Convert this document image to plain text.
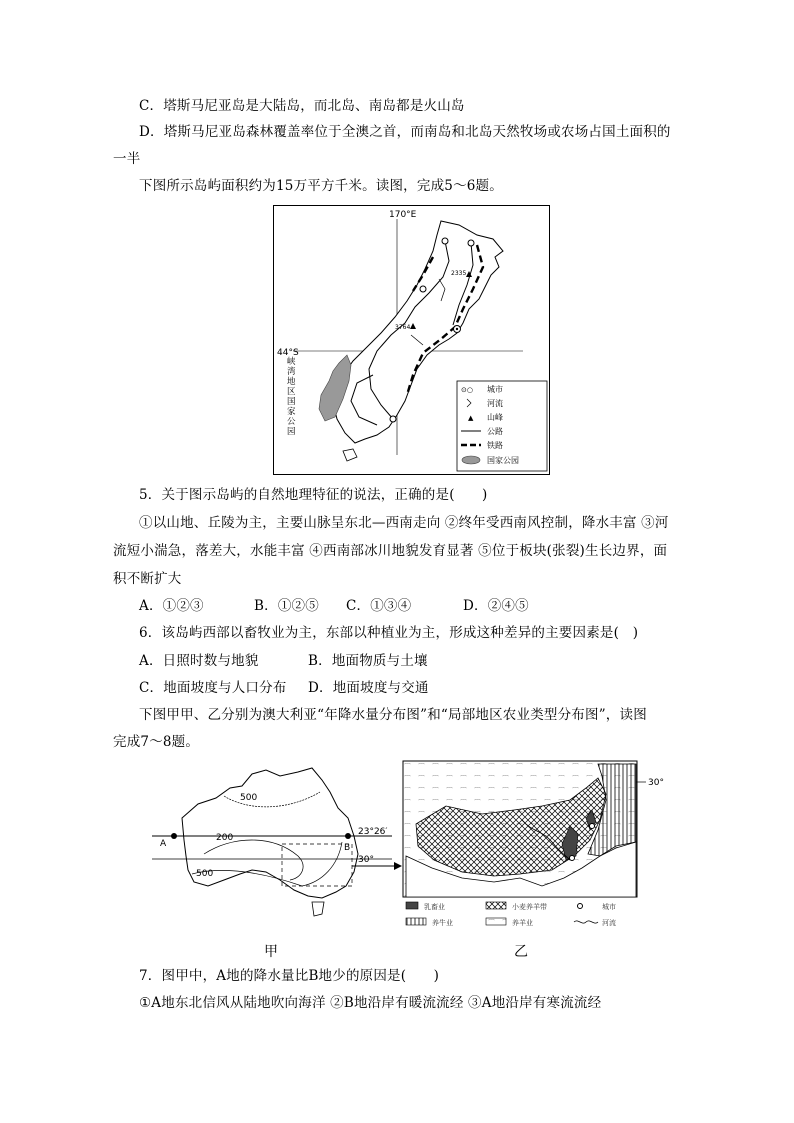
C．塔斯马尼亚岛是大陆岛，而北岛、南岛都是火山岛
D．塔斯马尼亚岛森林覆盖率位于全澳之首，而南岛和北岛天然牧场或农场占国土面积的
一半
下图所示岛屿面积约为15万平方千米。读图，完成5～6题。
170°E
44°S
2335
3764
⊙○ 城市
河流
▲ 山峰
公路
铁路
国家公园
峡湾地区国家公园
5．关于图示岛屿的自然地理特征的说法，正确的是(　　)
①以山地、丘陵为主，主要山脉呈东北—西南走向 ②终年受西南风控制，降水丰富 ③河
流短小湍急，落差大，水能丰富 ④西南部冰川地貌发育显著 ⑤位于板块(张裂)生长边界，面
积不断扩大
A．①②③	B．①②⑤ C．①③④	D．②④⑤
6．该岛屿西部以畜牧业为主，东部以种植业为主，形成这种差异的主要因素是(　)
A．日照时数与地貌	B．地面物质与土壤
C．地面坡度与人口分布 D．地面坡度与交通
下图甲甲、乙分别为澳大利亚“年降水量分布图”和“局部地区农业类型分布图”，读图
完成7～8题。
500
200
500
A	B
23°26′
30°
甲
30°
乳畜业	小麦养羊带	城市
养牛业	养羊业	河流
乙
7．图甲中，A地的降水量比B地少的原因是(　　)
①A地东北信风从陆地吹向海洋 ②B地沿岸有暖流流经 ③A地沿岸有寒流流经
